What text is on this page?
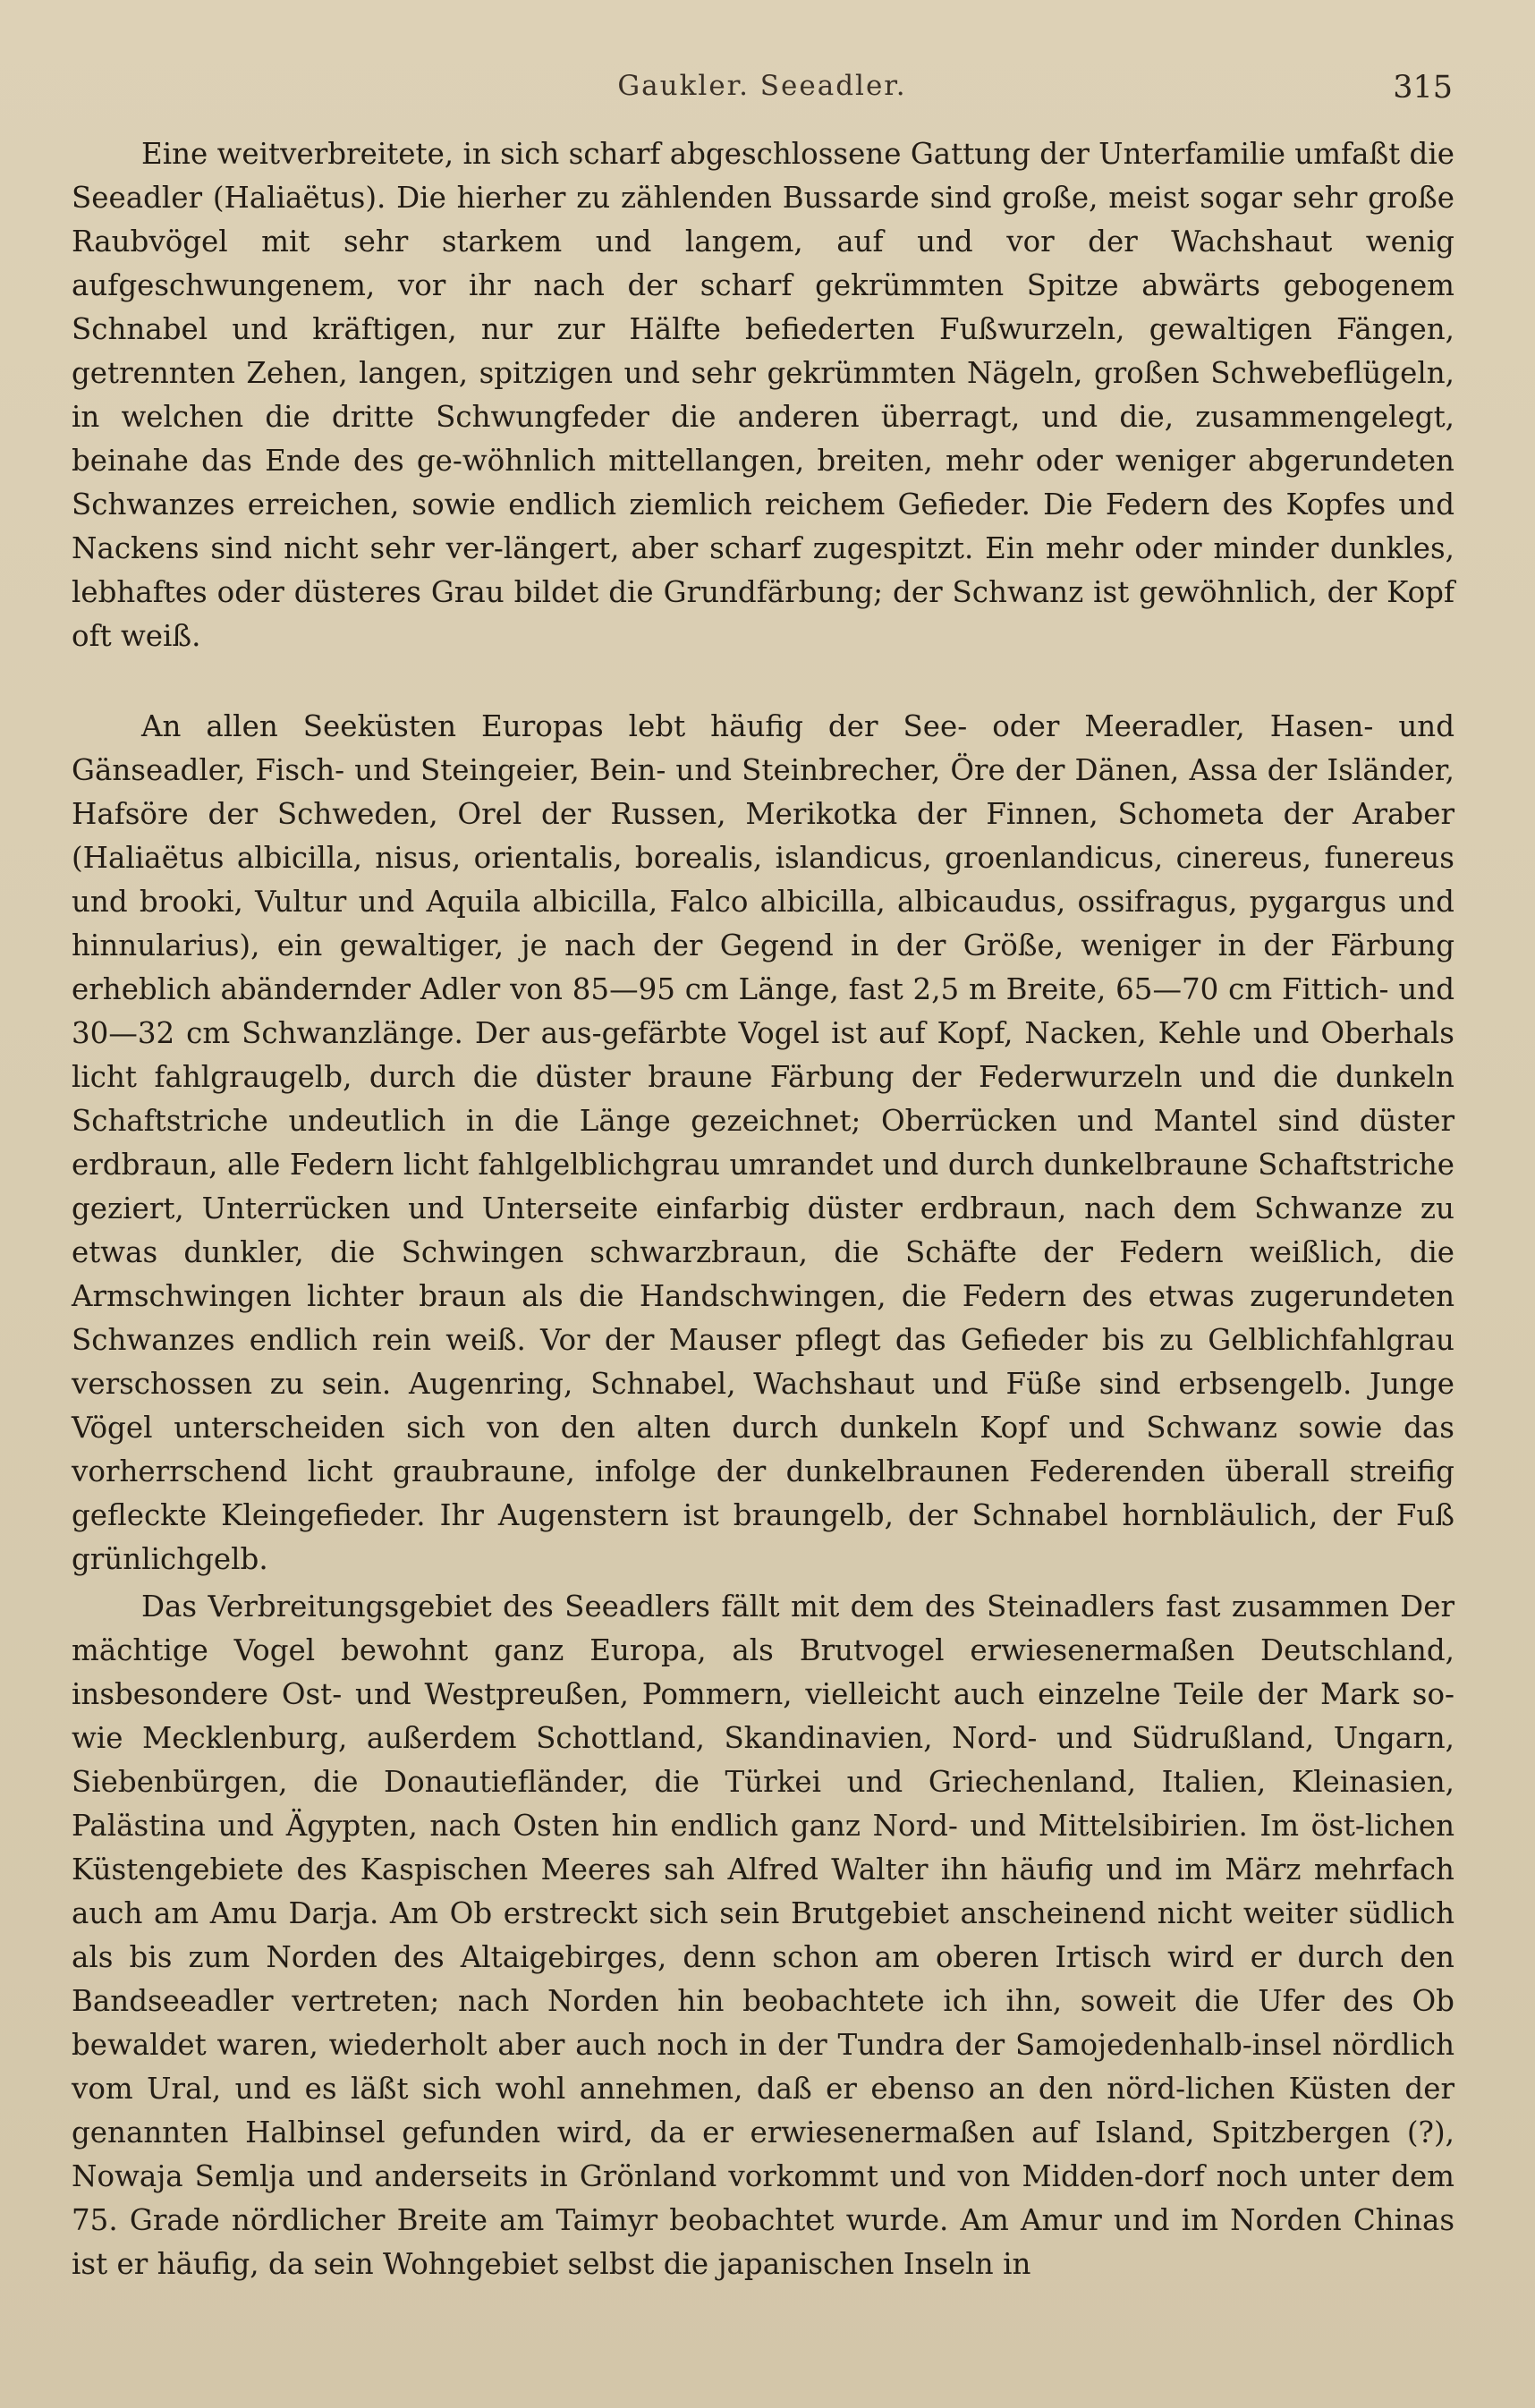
Gaukler. Seeadler.	315

Eine weitverbreitete, in sich scharf abgeschlossene Gattung der Unterfamilie umfaßt die Seeadler (Haliaëtus). Die hierher zu zählenden Bussarde sind große, meist sogar sehr große Raubvögel mit sehr starkem und langem, auf und vor der Wachshaut wenig aufgeschwungenem, vor ihr nach der scharf gekrümmten Spitze abwärts gebogenem Schnabel und kräftigen, nur zur Hälfte befiederten Fußwurzeln, gewaltigen Fängen, getrennten Zehen, langen, spitzigen und sehr gekrümmten Nägeln, großen Schwebeflügeln, in welchen die dritte Schwungfeder die anderen überragt, und die, zusammengelegt, beinahe das Ende des ge-wöhnlich mittellangen, breiten, mehr oder weniger abgerundeten Schwanzes erreichen, sowie endlich ziemlich reichem Gefieder. Die Federn des Kopfes und Nackens sind nicht sehr ver-längert, aber scharf zugespitzt. Ein mehr oder minder dunkles, lebhaftes oder düsteres Grau bildet die Grundfärbung; der Schwanz ist gewöhnlich, der Kopf oft weiß.

An allen Seeküsten Europas lebt häufig der See- oder Meeradler, Hasen- und Gänseadler, Fisch- und Steingeier, Bein- und Steinbrecher, Öre der Dänen, Assa der Isländer, Hafsöre der Schweden, Orel der Russen, Merikotka der Finnen, Schometa der Araber (Haliaëtus albicilla, nisus, orientalis, borealis, islandicus, groenlandicus, cinereus, funereus und brooki, Vultur und Aquila albicilla, Falco albicilla, albicaudus, ossifragus, pygargus und hinnularius), ein gewaltiger, je nach der Gegend in der Größe, weniger in der Färbung erheblich abändernder Adler von 85—95 cm Länge, fast 2,5 m Breite, 65—70 cm Fittich- und 30—32 cm Schwanzlänge. Der aus-gefärbte Vogel ist auf Kopf, Nacken, Kehle und Oberhals licht fahlgraugelb, durch die düster braune Färbung der Federwurzeln und die dunkeln Schaftstriche undeutlich in die Länge gezeichnet; Oberrücken und Mantel sind düster erdbraun, alle Federn licht fahlgelblichgrau umrandet und durch dunkelbraune Schaftstriche geziert, Unterrücken und Unterseite einfarbig düster erdbraun, nach dem Schwanze zu etwas dunkler, die Schwingen schwarzbraun, die Schäfte der Federn weißlich, die Armschwingen lichter braun als die Handschwingen, die Federn des etwas zugerundeten Schwanzes endlich rein weiß. Vor der Mauser pflegt das Gefieder bis zu Gelblichfahlgrau verschossen zu sein. Augenring, Schnabel, Wachshaut und Füße sind erbsengelb. Junge Vögel unterscheiden sich von den alten durch dunkeln Kopf und Schwanz sowie das vorherrschend licht graubraune, infolge der dunkelbraunen Federenden überall streifig gefleckte Kleingefieder. Ihr Augenstern ist braungelb, der Schnabel hornbläulich, der Fuß grünlichgelb.

Das Verbreitungsgebiet des Seeadlers fällt mit dem des Steinadlers fast zusammen Der mächtige Vogel bewohnt ganz Europa, als Brutvogel erwiesenermaßen Deutschland, insbesondere Ost- und Westpreußen, Pommern, vielleicht auch einzelne Teile der Mark so-wie Mecklenburg, außerdem Schottland, Skandinavien, Nord- und Südrußland, Ungarn, Siebenbürgen, die Donautiefländer, die Türkei und Griechenland, Italien, Kleinasien, Palästina und Ägypten, nach Osten hin endlich ganz Nord- und Mittelsibirien. Im öst-lichen Küstengebiete des Kaspischen Meeres sah Alfred Walter ihn häufig und im März mehrfach auch am Amu Darja. Am Ob erstreckt sich sein Brutgebiet anscheinend nicht weiter südlich als bis zum Norden des Altaigebirges, denn schon am oberen Irtisch wird er durch den Bandseeadler vertreten; nach Norden hin beobachtete ich ihn, soweit die Ufer des Ob bewaldet waren, wiederholt aber auch noch in der Tundra der Samojedenhalb-insel nördlich vom Ural, und es läßt sich wohl annehmen, daß er ebenso an den nörd-lichen Küsten der genannten Halbinsel gefunden wird, da er erwiesenermaßen auf Island, Spitzbergen (?), Nowaja Semlja und anderseits in Grönland vorkommt und von Midden-dorf noch unter dem 75. Grade nördlicher Breite am Taimyr beobachtet wurde. Am Amur und im Norden Chinas ist er häufig, da sein Wohngebiet selbst die japanischen Inseln in
